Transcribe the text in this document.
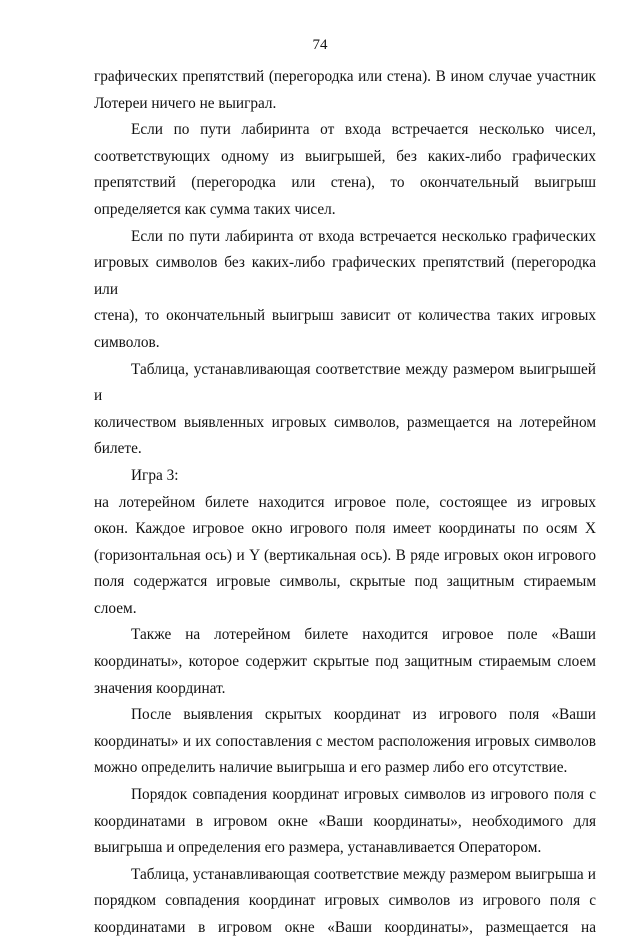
74
графических препятствий (перегородка или стена). В ином случае участник
Лотереи ничего не выиграл.
Если по пути лабиринта от входа встречается несколько чисел,
соответствующих одному из выигрышей, без каких-либо графических
препятствий (перегородка или стена), то окончательный выигрыш
определяется как сумма таких чисел.
Если по пути лабиринта от входа встречается несколько графических
игровых символов без каких-либо графических препятствий (перегородка или
стена), то окончательный выигрыш зависит от количества таких игровых
символов.
Таблица, устанавливающая соответствие между размером выигрышей и
количеством выявленных игровых символов, размещается на лотерейном
билете.
Игра 3:
на лотерейном билете находится игровое поле, состоящее из игровых
окон. Каждое игровое окно игрового поля имеет координаты по осям X
(горизонтальная ось) и Y (вертикальная ось). В ряде игровых окон игрового
поля содержатся игровые символы, скрытые под защитным стираемым слоем.
Также на лотерейном билете находится игровое поле «Ваши
координаты», которое содержит скрытые под защитным стираемым слоем
значения координат.
После выявления скрытых координат из игрового поля «Ваши
координаты» и их сопоставления с местом расположения игровых символов
можно определить наличие выигрыша и его размер либо его отсутствие.
Порядок совпадения координат игровых символов из игрового поля с
координатами в игровом окне «Ваши координаты», необходимого для
выигрыша и определения его размера, устанавливается Оператором.
Таблица, устанавливающая соответствие между размером выигрыша и
порядком совпадения координат игровых символов из игрового поля с
координатами в игровом окне «Ваши координаты», размещается на
